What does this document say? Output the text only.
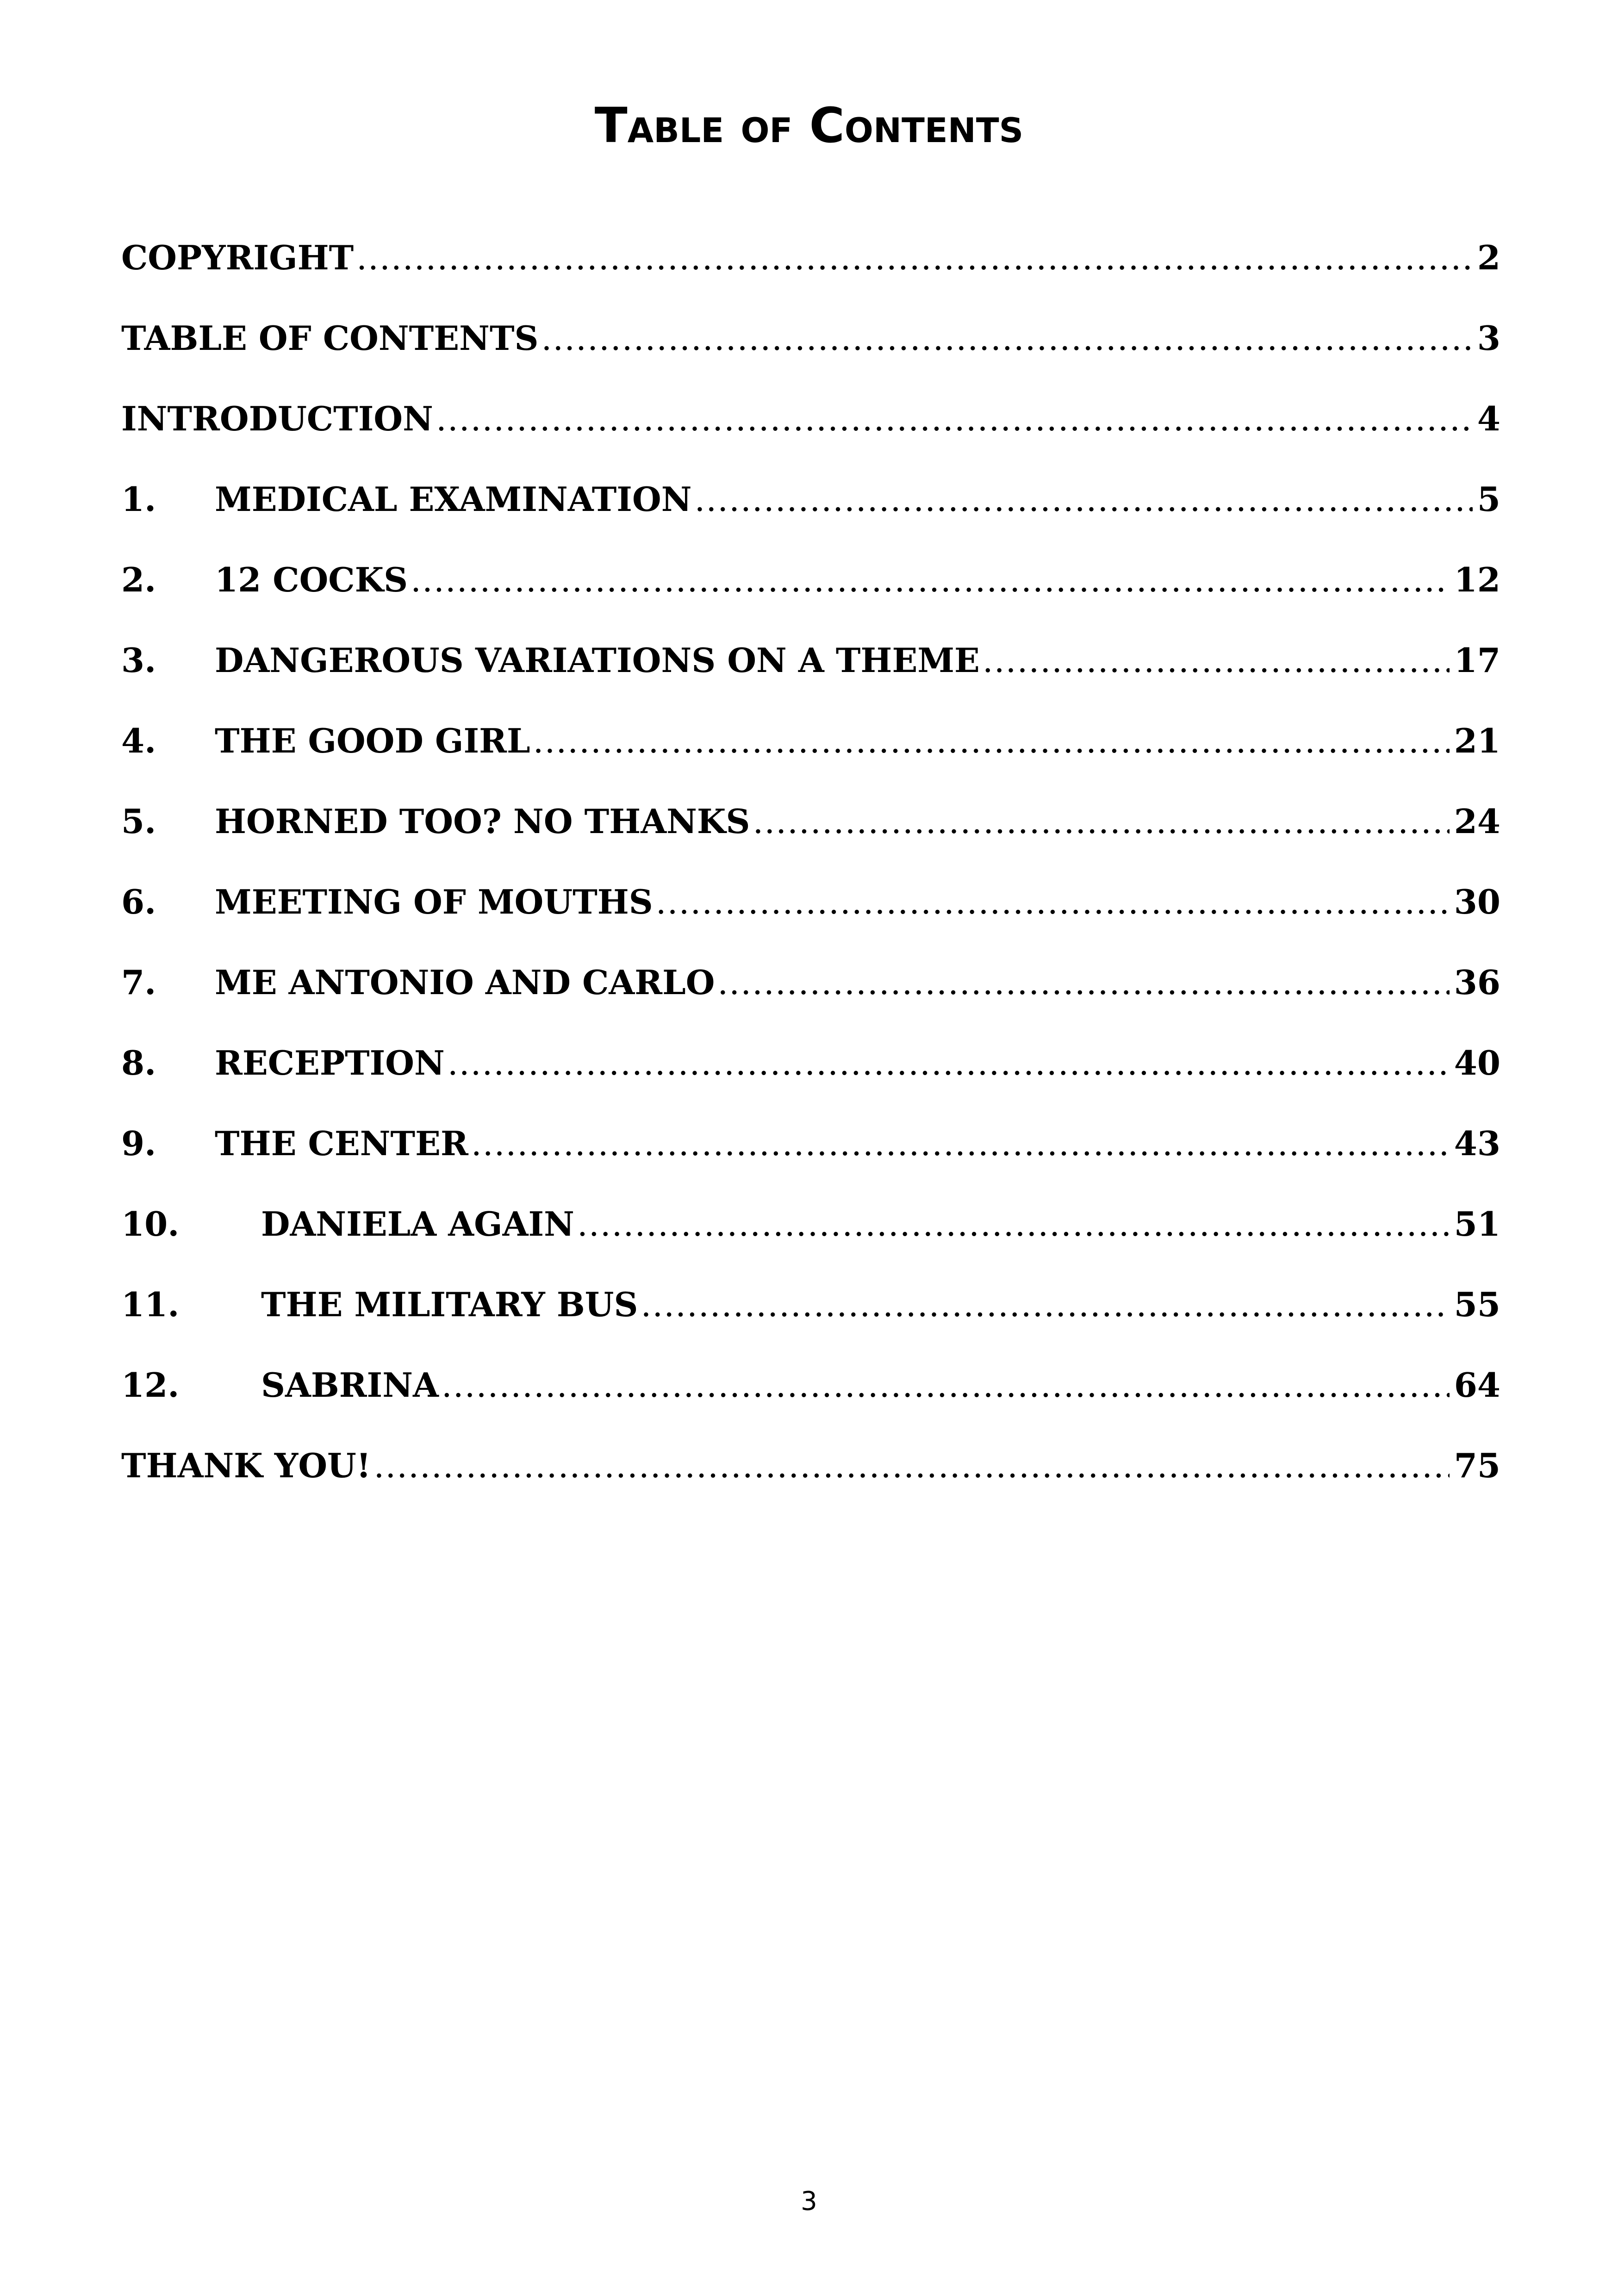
Table of Contents
COPYRIGHT .....	2
TABLE OF CONTENTS .....	3
INTRODUCTION .....	4
1.	MEDICAL EXAMINATION .....	5
2.	12 COCKS .....	12
3.	DANGEROUS VARIATIONS ON A THEME .....	17
4.	THE GOOD GIRL .....	21
5.	HORNED TOO? NO THANKS .....	24
6.	MEETING OF MOUTHS .....	30
7.	ME ANTONIO AND CARLO .....	36
8.	RECEPTION .....	40
9.	THE CENTER .....	43
10.	DANIELA AGAIN .....	51
11.	THE MILITARY BUS .....	55
12.	SABRINA .....	64
THANK YOU! .....	75
3
